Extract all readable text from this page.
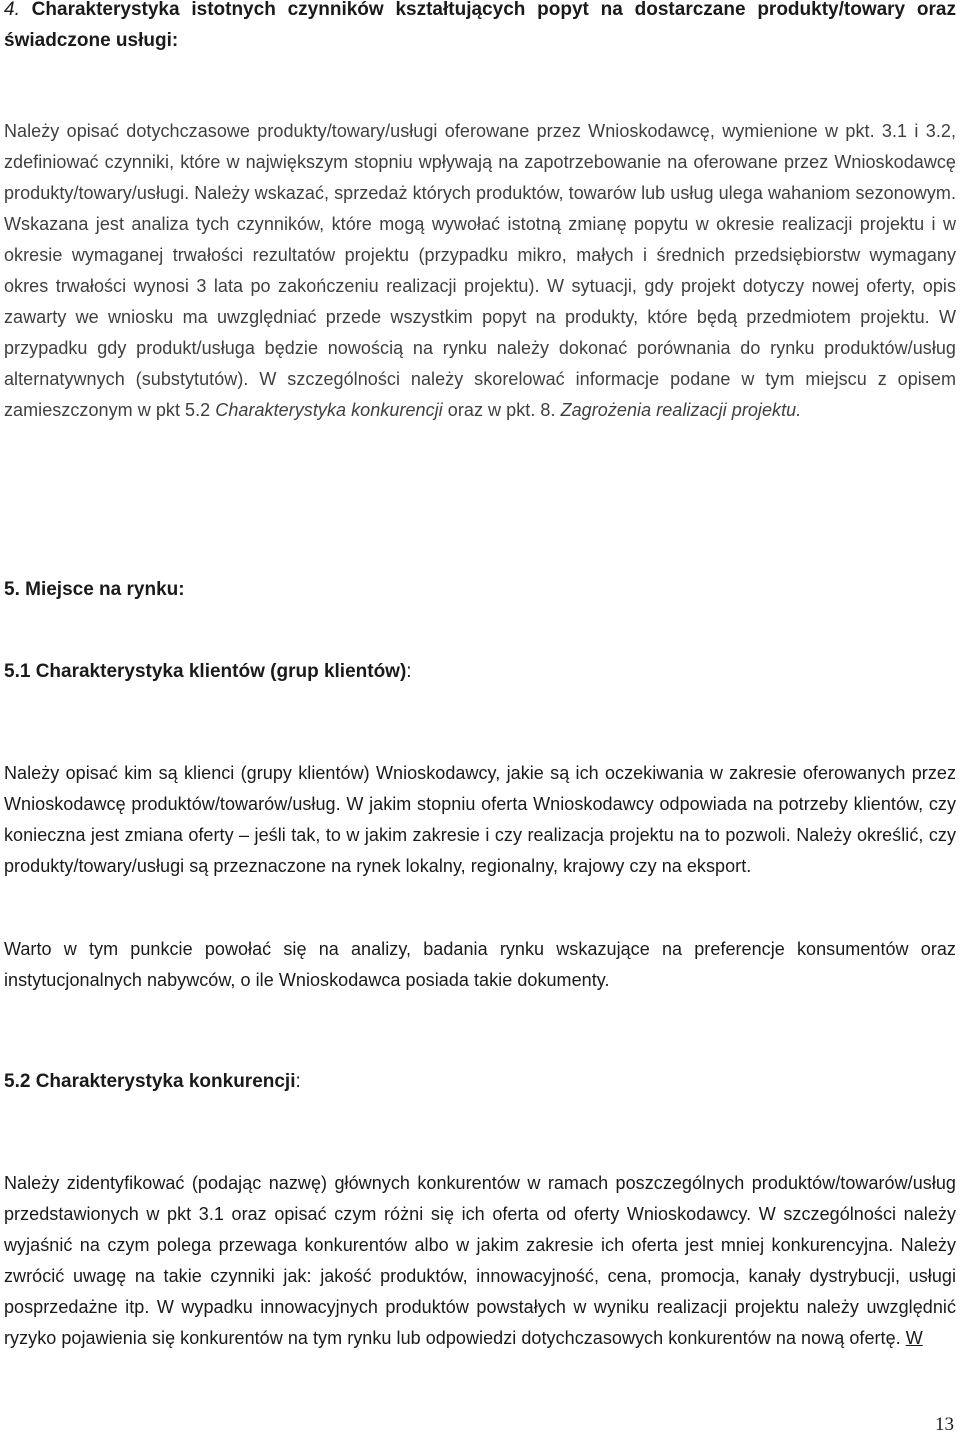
4. Charakterystyka istotnych czynników kształtujących popyt na dostarczane produkty/towary oraz świadczone usługi:
Należy opisać dotychczasowe produkty/towary/usługi oferowane przez Wnioskodawcę, wymienione w pkt. 3.1 i 3.2, zdefiniować czynniki, które w największym stopniu wpływają na zapotrzebowanie na oferowane przez Wnioskodawcę produkty/towary/usługi. Należy wskazać, sprzedaż których produktów, towarów lub usług ulega wahaniom sezonowym. Wskazana jest analiza tych czynników, które mogą wywołać istotną zmianę popytu w okresie realizacji projektu i w okresie wymaganej trwałości rezultatów projektu (przypadku mikro, małych i średnich przedsiębiorstw wymagany okres trwałości wynosi 3 lata po zakończeniu realizacji projektu). W sytuacji, gdy projekt dotyczy nowej oferty, opis zawarty we wniosku ma uwzględniać przede wszystkim popyt na produkty, które będą przedmiotem projektu. W przypadku gdy produkt/usługa będzie nowością na rynku należy dokonać porównania do rynku produktów/usług alternatywnych (substytutów). W szczególności należy skorelować informacje podane w tym miejscu z opisem zamieszczonym w pkt 5.2 Charakterystyka konkurencji oraz w pkt. 8. Zagrożenia realizacji projektu.
5. Miejsce na rynku:
5.1 Charakterystyka klientów (grup klientów):
Należy opisać kim są klienci (grupy klientów) Wnioskodawcy, jakie są ich oczekiwania w zakresie oferowanych przez Wnioskodawcę produktów/towarów/usług. W jakim stopniu oferta Wnioskodawcy odpowiada na potrzeby klientów, czy konieczna jest zmiana oferty – jeśli tak, to w jakim zakresie i czy realizacja projektu na to pozwoli. Należy określić, czy produkty/towary/usługi są przeznaczone na rynek lokalny, regionalny, krajowy czy na eksport.
Warto w tym punkcie powołać się na analizy, badania rynku wskazujące na preferencje konsumentów oraz instytucjonalnych nabywców, o ile Wnioskodawca posiada takie dokumenty.
5.2 Charakterystyka konkurencji:
Należy zidentyfikować (podając nazwę) głównych konkurentów w ramach poszczególnych produktów/towarów/usług przedstawionych w pkt 3.1 oraz opisać czym różni się ich oferta od oferty Wnioskodawcy. W szczególności należy wyjaśnić na czym polega przewaga konkurentów albo w jakim zakresie ich oferta jest mniej konkurencyjna. Należy zwrócić uwagę na takie czynniki jak: jakość produktów, innowacyjność, cena, promocja, kanały dystrybucji, usługi posprzedażne itp. W wypadku innowacyjnych produktów powstałych w wyniku realizacji projektu należy uwzględnić ryzyko pojawienia się konkurentów na tym rynku lub odpowiedzi dotychczasowych konkurentów na nową ofertę. W
13
